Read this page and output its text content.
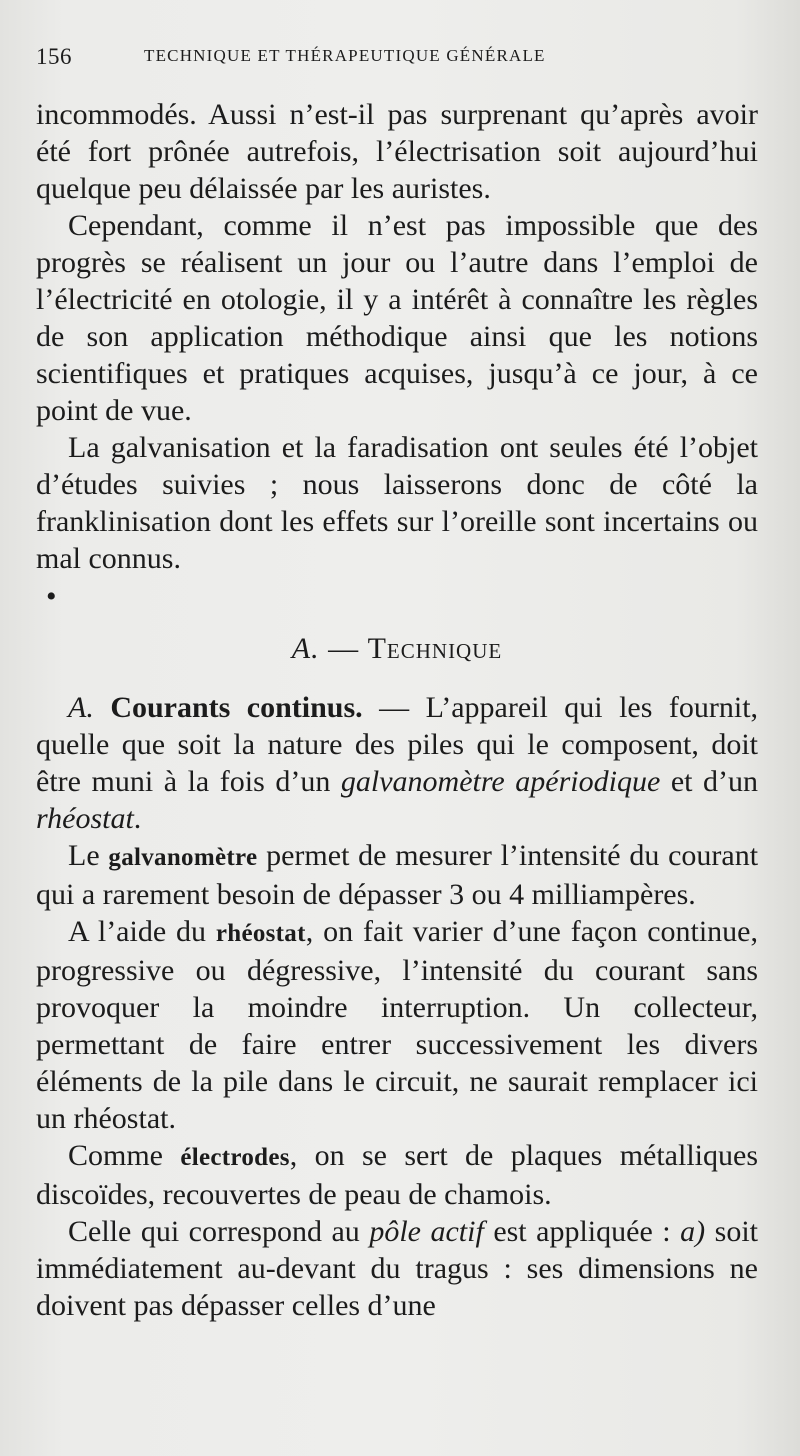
156	TECHNIQUE ET THÉRAPEUTIQUE GÉNÉRALE

incommodés. Aussi n’est-il pas surprenant qu’après avoir été fort prônée autrefois, l’électrisation soit aujourd’hui quelque peu délaissée par les auristes.

Cependant, comme il n’est pas impossible que des progrès se réalisent un jour ou l’autre dans l’emploi de l’électricité en otologie, il y a intérêt à connaître les règles de son application méthodique ainsi que les notions scientifiques et pratiques acquises, jusqu’à ce jour, à ce point de vue.

La galvanisation et la faradisation ont seules été l’objet d’études suivies ; nous laisserons donc de côté la franklinisation dont les effets sur l’oreille sont incertains ou mal connus.

•
A. — Technique

A. Courants continus. — L’appareil qui les fournit, quelle que soit la nature des piles qui le composent, doit être muni à la fois d’un galvanomètre apériodique et d’un rhéostat.

Le galvanomètre permet de mesurer l’intensité du courant qui a rarement besoin de dépasser 3 ou 4 milliampères.

A l’aide du rhéostat, on fait varier d’une façon continue, progressive ou dégressive, l’intensité du courant sans provoquer la moindre interruption. Un collecteur, permettant de faire entrer successivement les divers éléments de la pile dans le circuit, ne saurait remplacer ici un rhéostat.

Comme électrodes, on se sert de plaques métalliques discoïdes, recouvertes de peau de chamois.

Celle qui correspond au pôle actif est appliquée : a) soit immédiatement au-devant du tragus : ses dimensions ne doivent pas dépasser celles d’une
